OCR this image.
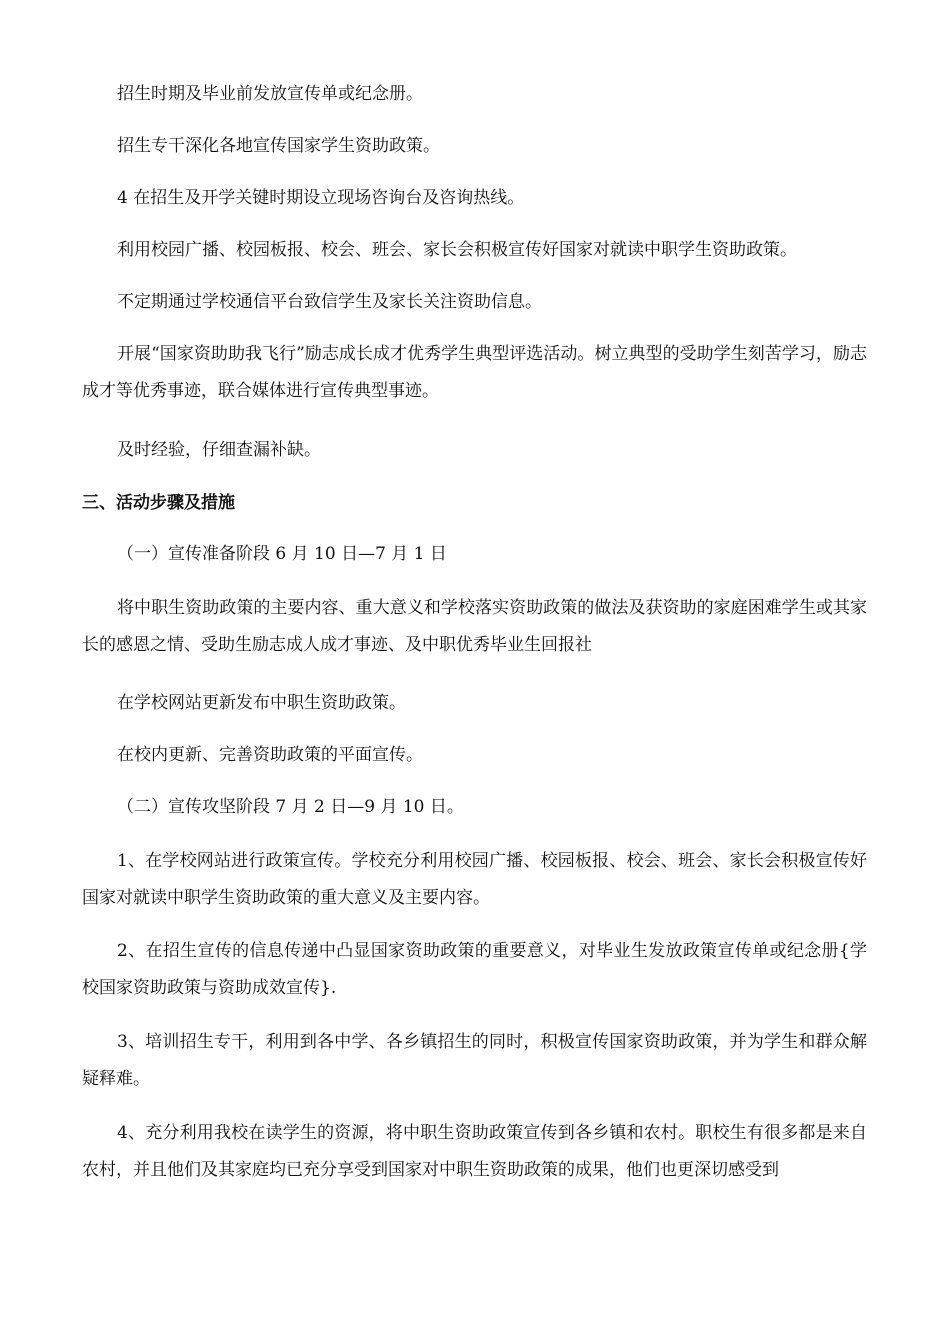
招生时期及毕业前发放宣传单或纪念册。
招生专干深化各地宣传国家学生资助政策。
4 在招生及开学关键时期设立现场咨询台及咨询热线。
利用校园广播、校园板报、校会、班会、家长会积极宣传好国家对就读中职学生资助政策。
不定期通过学校通信平台致信学生及家长关注资助信息。
开展“国家资助助我飞行”励志成长成才优秀学生典型评选活动。树立典型的受助学生刻苦学习，励志成才等优秀事迹，联合媒体进行宣传典型事迹。
及时经验，仔细查漏补缺。
三、活动步骤及措施
（一）宣传准备阶段 6 月 10 日—7 月 1 日
将中职生资助政策的主要内容、重大意义和学校落实资助政策的做法及获资助的家庭困难学生或其家长的感恩之情、受助生励志成人成才事迹、及中职优秀毕业生回报社
在学校网站更新发布中职生资助政策。
在校内更新、完善资助政策的平面宣传。
（二）宣传攻坚阶段 7 月 2 日—9 月 10 日。
1、在学校网站进行政策宣传。学校充分利用校园广播、校园板报、校会、班会、家长会积极宣传好国家对就读中职学生资助政策的重大意义及主要内容。
2、在招生宣传的信息传递中凸显国家资助政策的重要意义，对毕业生发放政策宣传单或纪念册{学校国家资助政策与资助成效宣传}.
3、培训招生专干，利用到各中学、各乡镇招生的同时，积极宣传国家资助政策，并为学生和群众解疑释难。
4、充分利用我校在读学生的资源，将中职生资助政策宣传到各乡镇和农村。职校生有很多都是来自农村，并且他们及其家庭均已充分享受到国家对中职生资助政策的成果，他们也更深切感受到
